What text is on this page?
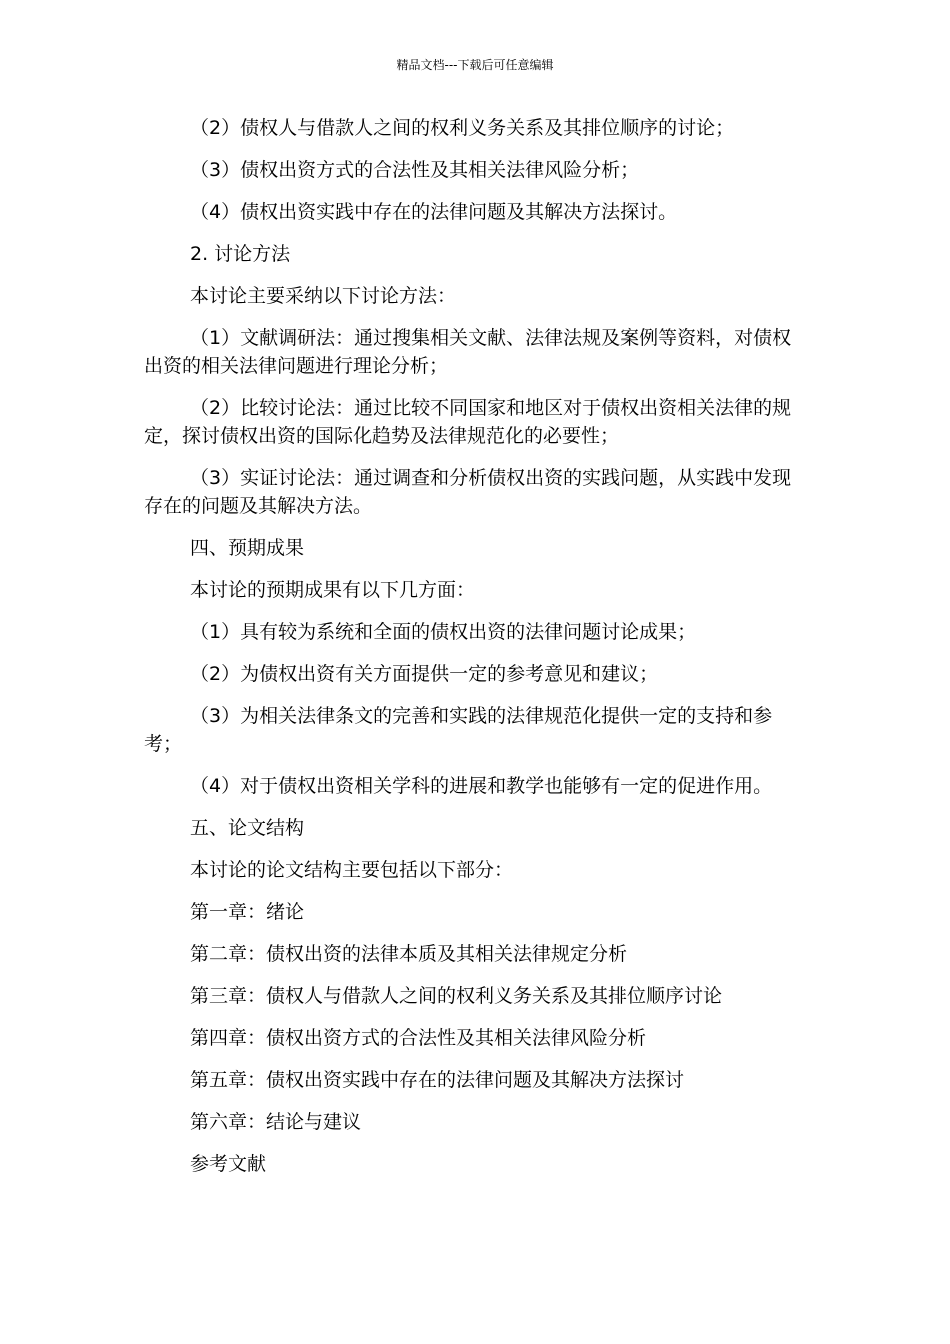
精品文档---下载后可任意编辑

（2）债权人与借款人之间的权利义务关系及其排位顺序的讨论；

（3）债权出资方式的合法性及其相关法律风险分析；

（4）债权出资实践中存在的法律问题及其解决方法探讨。

2. 讨论方法

本讨论主要采纳以下讨论方法：

（1）文献调研法：通过搜集相关文献、法律法规及案例等资料，对债权出资的相关法律问题进行理论分析；

（2）比较讨论法：通过比较不同国家和地区对于债权出资相关法律的规定，探讨债权出资的国际化趋势及法律规范化的必要性；

（3）实证讨论法：通过调查和分析债权出资的实践问题，从实践中发现存在的问题及其解决方法。

四、预期成果

本讨论的预期成果有以下几方面：

（1）具有较为系统和全面的债权出资的法律问题讨论成果；

（2）为债权出资有关方面提供一定的参考意见和建议；

（3）为相关法律条文的完善和实践的法律规范化提供一定的支持和参考；

（4）对于债权出资相关学科的进展和教学也能够有一定的促进作用。

五、论文结构

本讨论的论文结构主要包括以下部分：

第一章：绪论

第二章：债权出资的法律本质及其相关法律规定分析

第三章：债权人与借款人之间的权利义务关系及其排位顺序讨论

第四章：债权出资方式的合法性及其相关法律风险分析

第五章：债权出资实践中存在的法律问题及其解决方法探讨

第六章：结论与建议

参考文献
